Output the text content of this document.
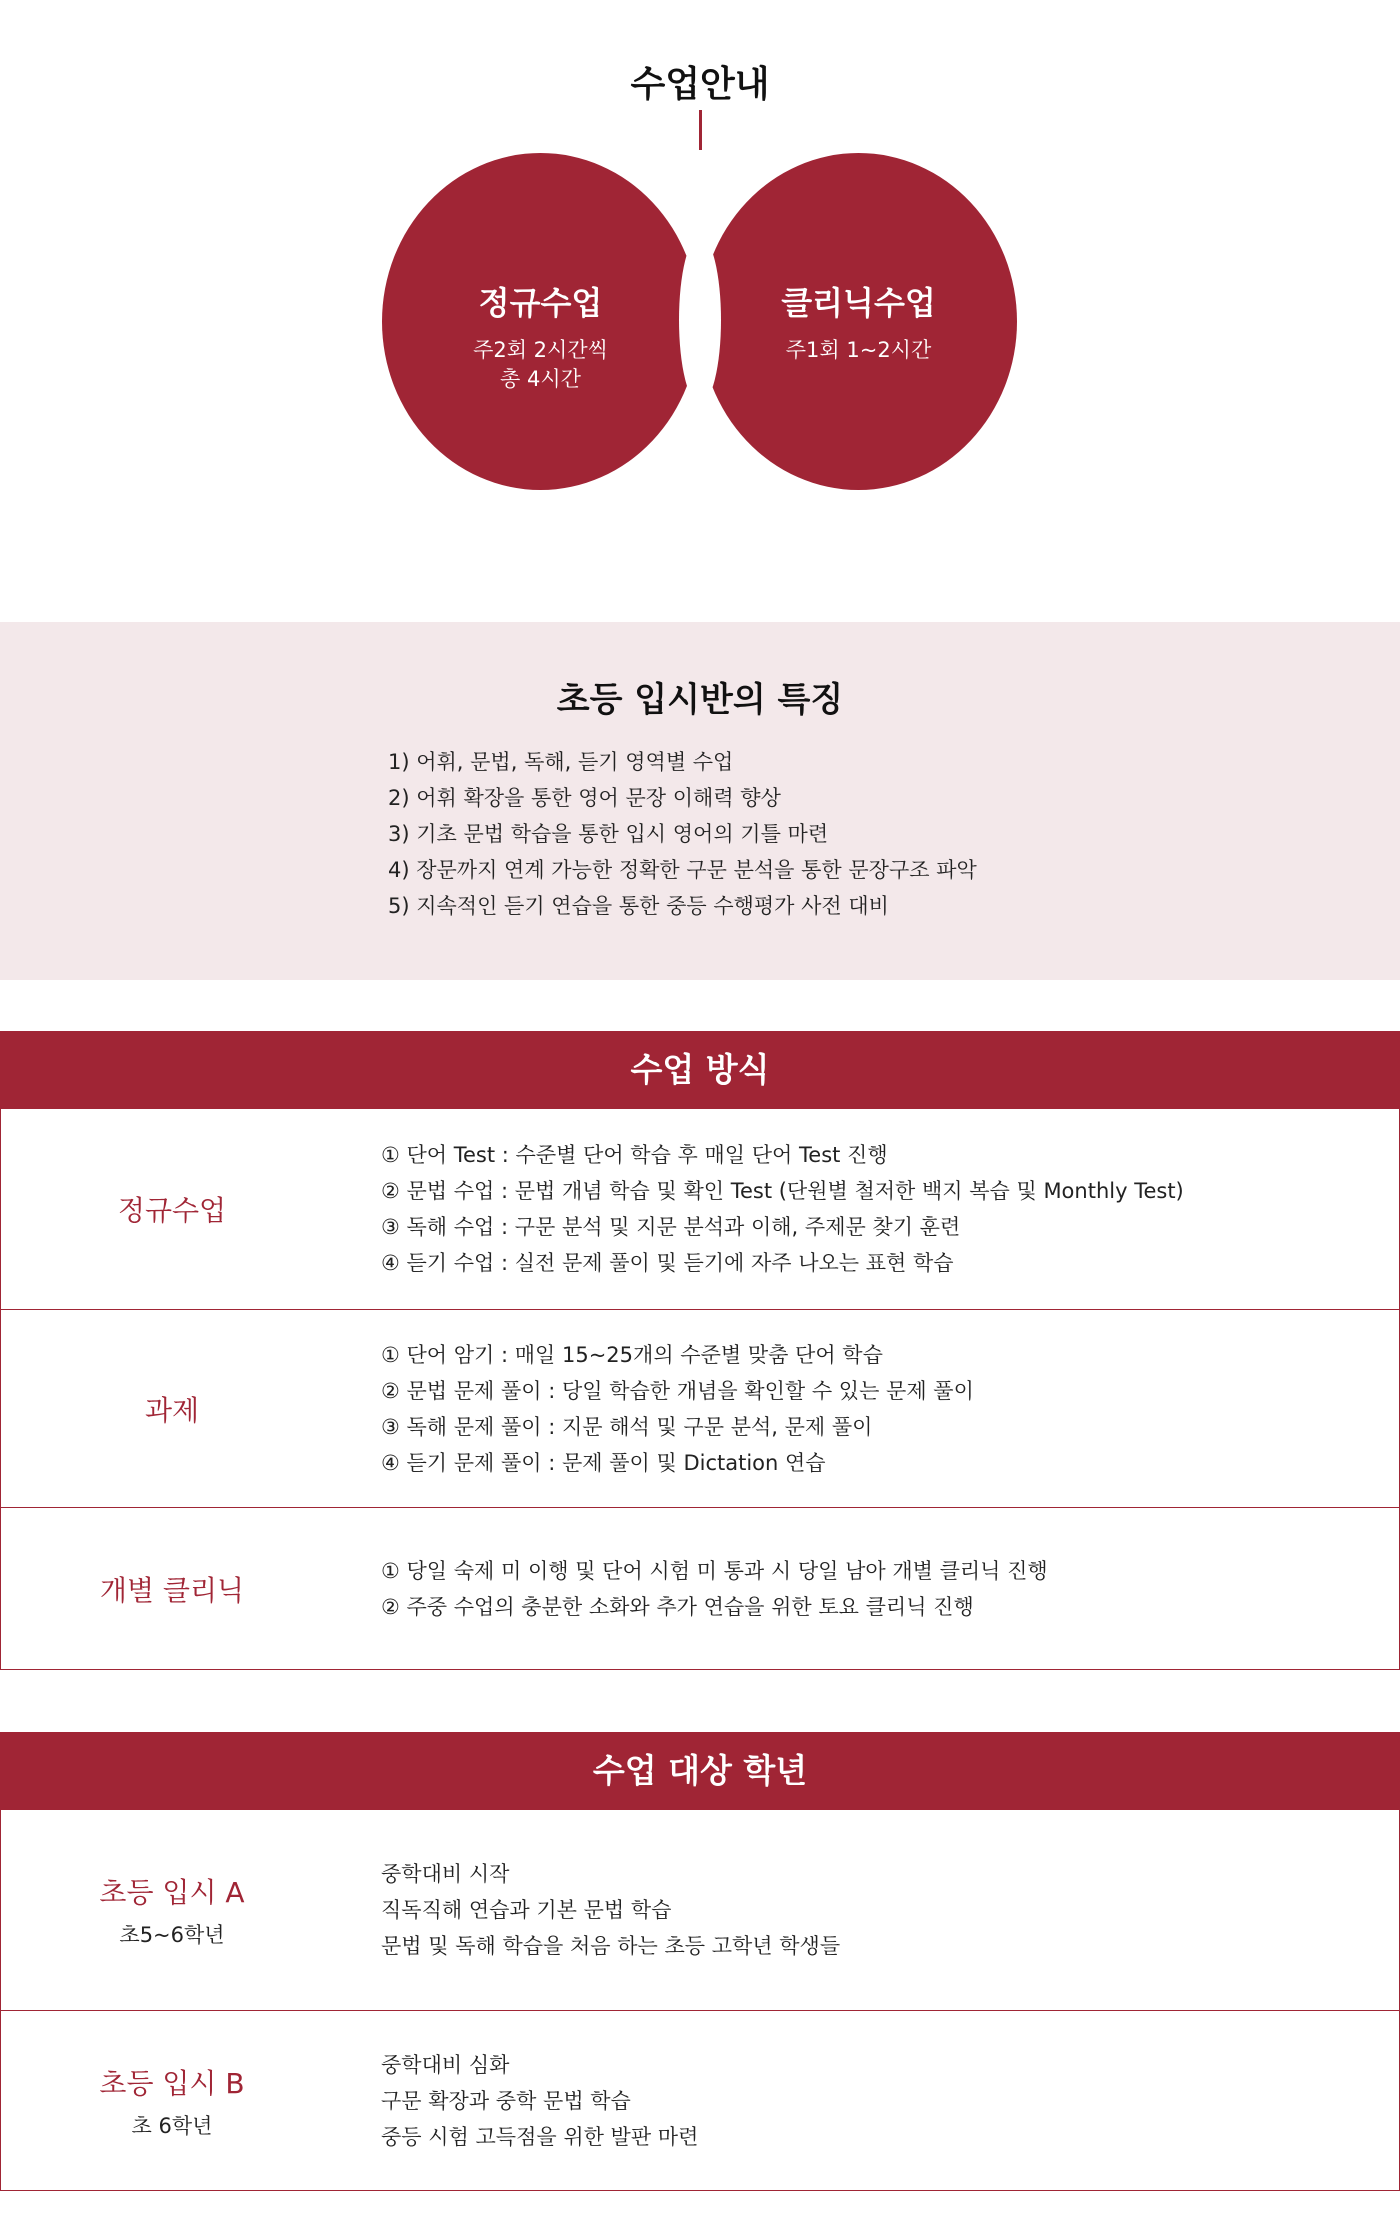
수업안내
정규수업
주2회 2시간씩
총 4시간
클리닉수업
주1회 1~2시간
초등 입시반의 특징
1) 어휘, 문법, 독해, 듣기 영역별 수업
2) 어휘 확장을 통한 영어 문장 이해력 향상
3) 기초 문법 학습을 통한 입시 영어의 기틀 마련
4) 장문까지 연계 가능한 정확한 구문 분석을 통한 문장구조 파악
5) 지속적인 듣기 연습을 통한 중등 수행평가 사전 대비
수업 방식
정규수업
① 단어 Test : 수준별 단어 학습 후 매일 단어 Test 진행
② 문법 수업 : 문법 개념 학습 및 확인 Test (단원별 철저한 백지 복습 및 Monthly Test)
③ 독해 수업 : 구문 분석 및 지문 분석과 이해, 주제문 찾기 훈련
④ 듣기 수업 : 실전 문제 풀이 및 듣기에 자주 나오는 표현 학습
과제
① 단어 암기 : 매일 15~25개의 수준별 맞춤 단어 학습
② 문법 문제 풀이 : 당일 학습한 개념을 확인할 수 있는 문제 풀이
③ 독해 문제 풀이 : 지문 해석 및 구문 분석, 문제 풀이
④ 듣기 문제 풀이 : 문제 풀이 및 Dictation 연습
개별 클리닉
① 당일 숙제 미 이행 및 단어 시험 미 통과 시 당일 남아 개별 클리닉 진행
② 주중 수업의 충분한 소화와 추가 연습을 위한 토요 클리닉 진행
수업 대상 학년
초등 입시 A
초5~6학년
중학대비 시작
직독직해 연습과 기본 문법 학습
문법 및 독해 학습을 처음 하는 초등 고학년 학생들
초등 입시 B
초 6학년
중학대비 심화
구문 확장과 중학 문법 학습
중등 시험 고득점을 위한 발판 마련
